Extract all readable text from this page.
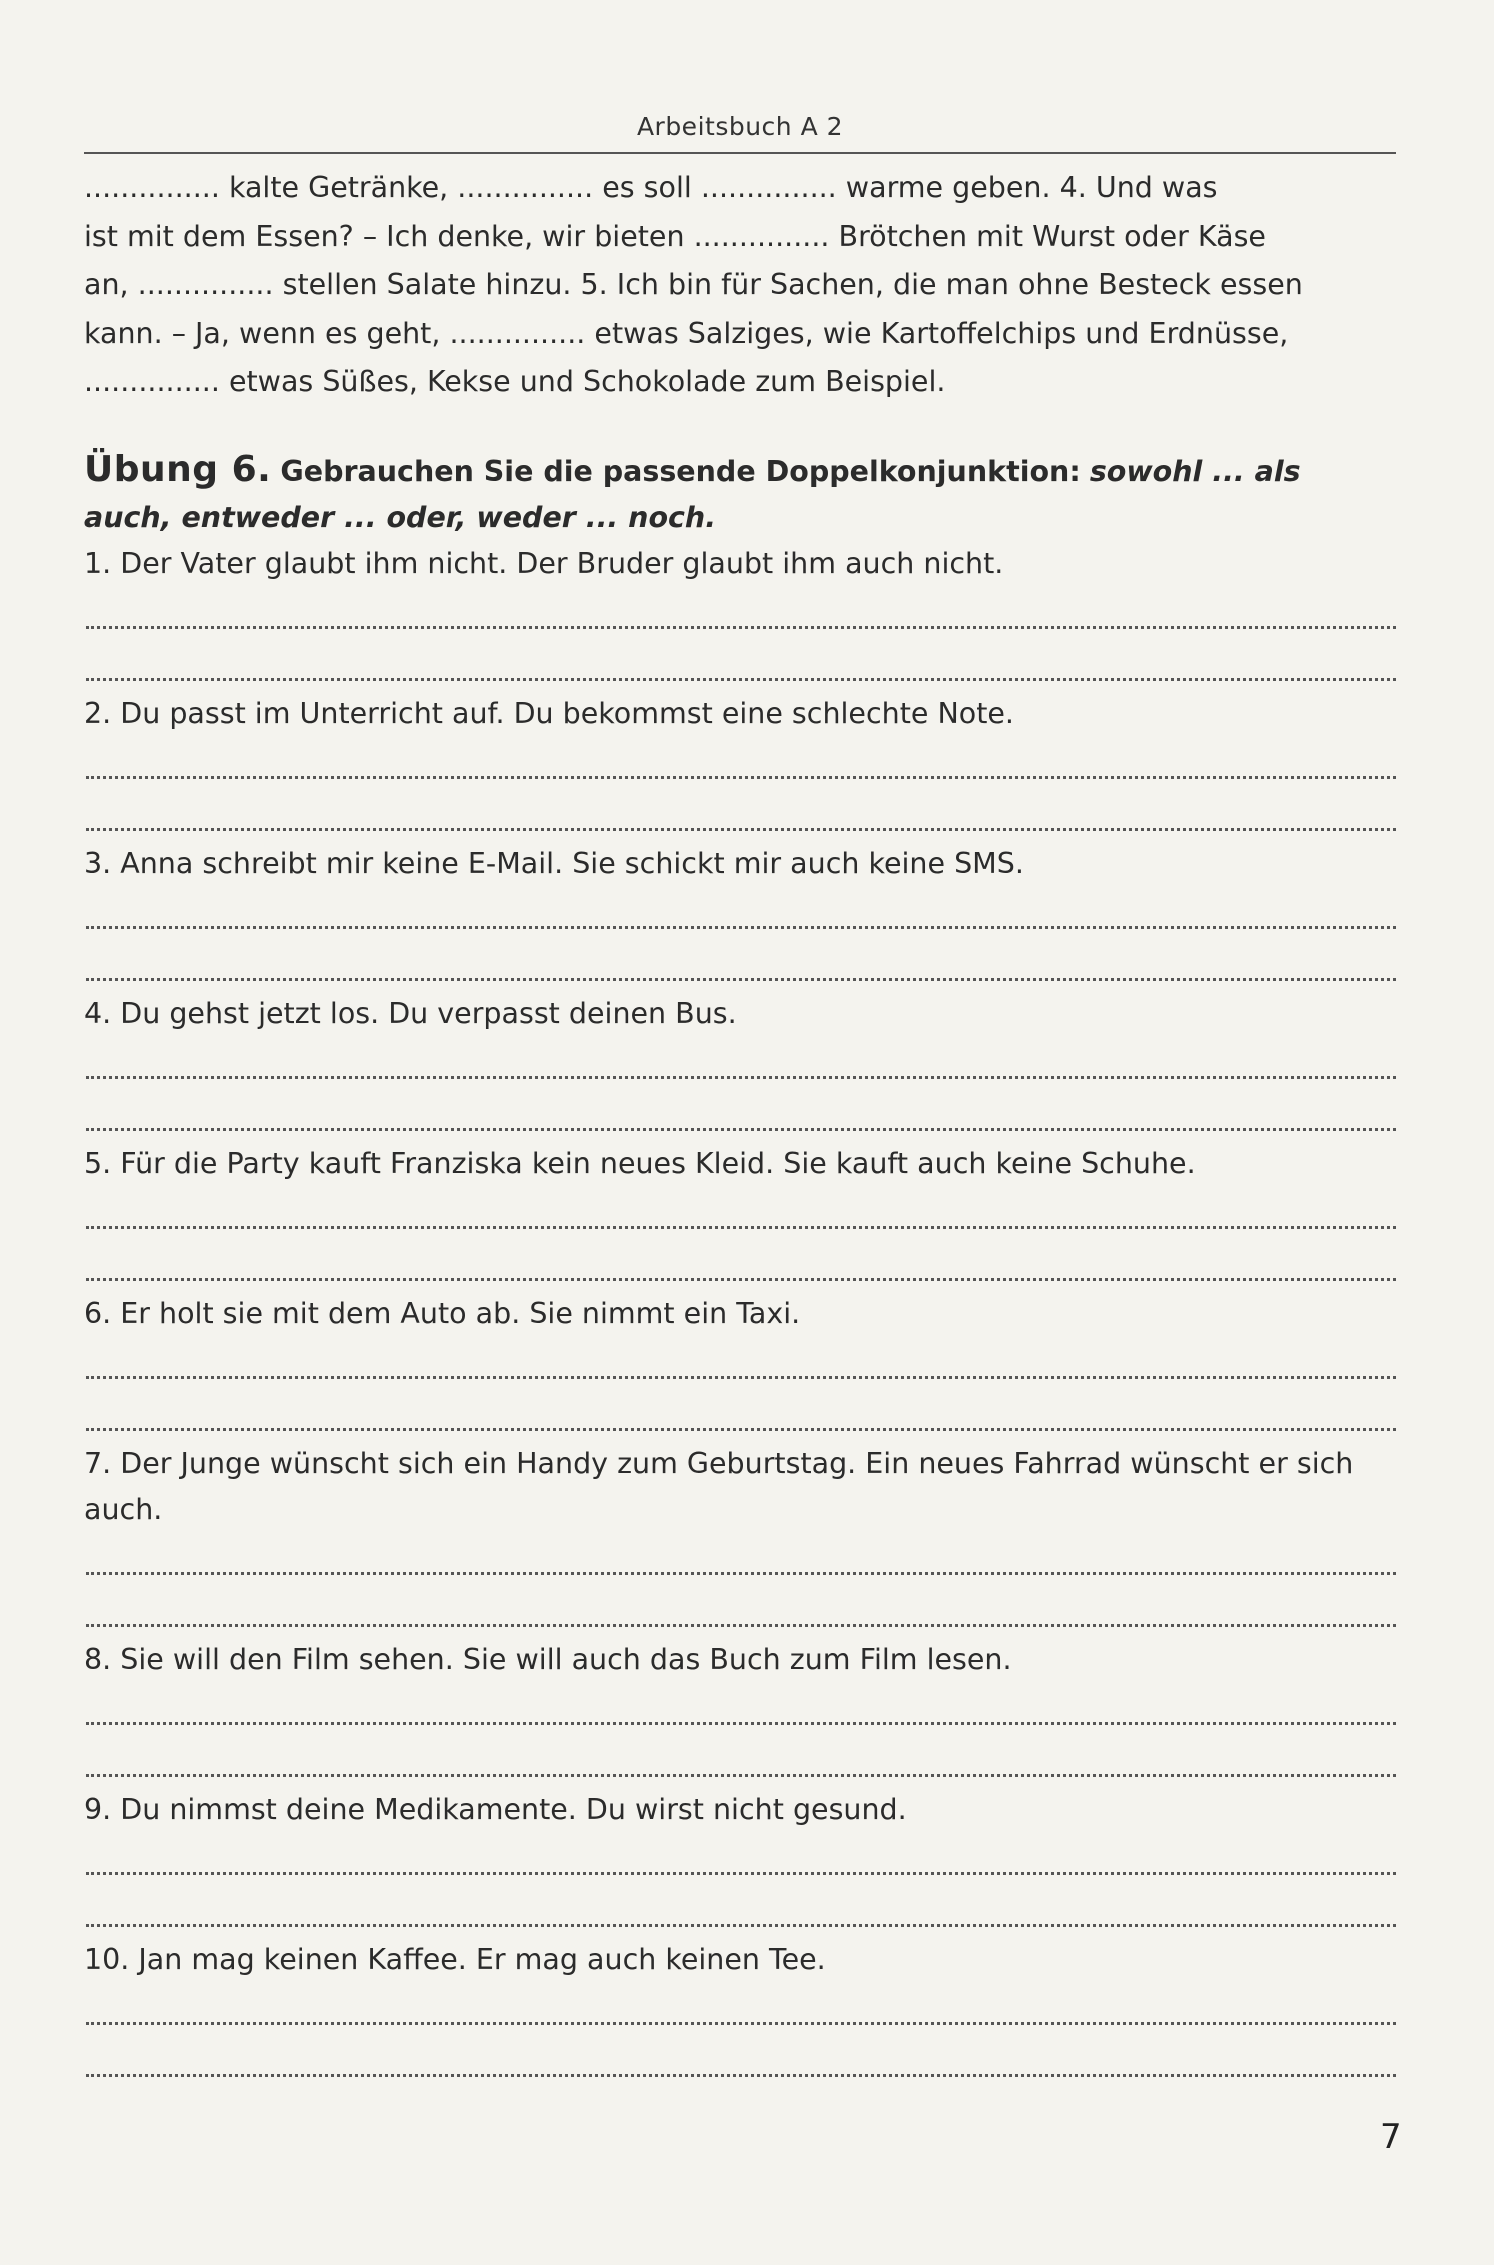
Arbeitsbuch A 2

............... kalte Getränke, ............... es soll ............... warme geben. 4. Und was

ist mit dem Essen? – Ich denke, wir bieten ............... Brötchen mit Wurst oder Käse

an, ............... stellen Salate hinzu. 5. Ich bin für Sachen, die man ohne Besteck essen

kann. – Ja, wenn es geht, ............... etwas Salziges, wie Kartoffelchips und Erdnüsse,

............... etwas Süßes, Kekse und Schokolade zum Beispiel.

Übung 6. Gebrauchen Sie die passende Doppelkonjunktion: sowohl ... als auch, entweder ... oder, weder ... noch.

1. Der Vater glaubt ihm nicht. Der Bruder glaubt ihm auch nicht.

2. Du passt im Unterricht auf. Du bekommst eine schlechte Note.

3. Anna schreibt mir keine E-Mail. Sie schickt mir auch keine SMS.

4. Du gehst jetzt los. Du verpasst deinen Bus.

5. Für die Party kauft Franziska kein neues Kleid. Sie kauft auch keine Schuhe.

6. Er holt sie mit dem Auto ab. Sie nimmt ein Taxi.

7. Der Junge wünscht sich ein Handy zum Geburtstag. Ein neues Fahrrad wünscht er sich auch.

8. Sie will den Film sehen. Sie will auch das Buch zum Film lesen.

9. Du nimmst deine Medikamente. Du wirst nicht gesund.

10. Jan mag keinen Kaffee. Er mag auch keinen Tee.

7
